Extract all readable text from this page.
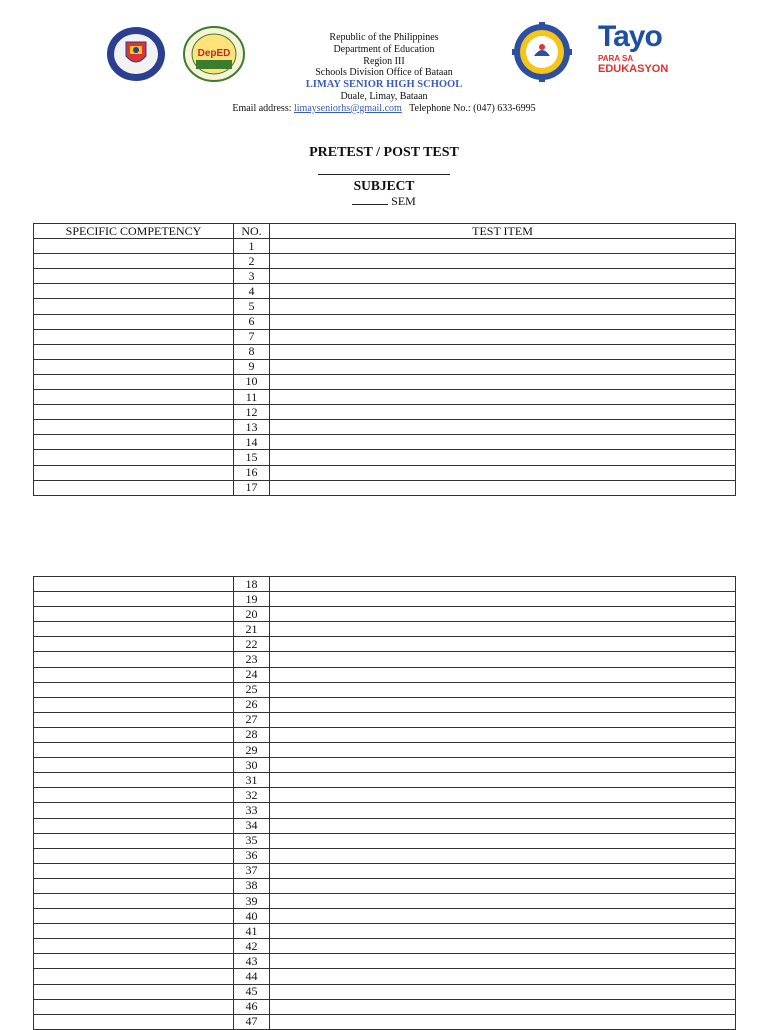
DepED
Republic of the Philippines
Department of Education
Region III
Schools Division Office of Bataan
LIMAY SENIOR HIGH SCHOOL
Duale, Limay, Bataan
Email address: limayseniorhs@gmail.com Telephone No.: (047) 633-6995
Tayo
PARA SA
EDUKASYON
PRETEST / POST TEST
SUBJECT
SEM
SPECIFIC COMPETENCY	NO.	TEST ITEM
	1	
	2	
	3	
	4	
	5	
	6	
	7	
	8	
	9	
	10	
	11	
	12	
	13	
	14	
	15	
	16	
	17	
	18	
	19	
	20	
	21	
	22	
	23	
	24	
	25	
	26	
	27	
	28	
	29	
	30	
	31	
	32	
	33	
	34	
	35	
	36	
	37	
	38	
	39	
	40	
	41	
	42	
	43	
	44	
	45	
	46	
	47	
